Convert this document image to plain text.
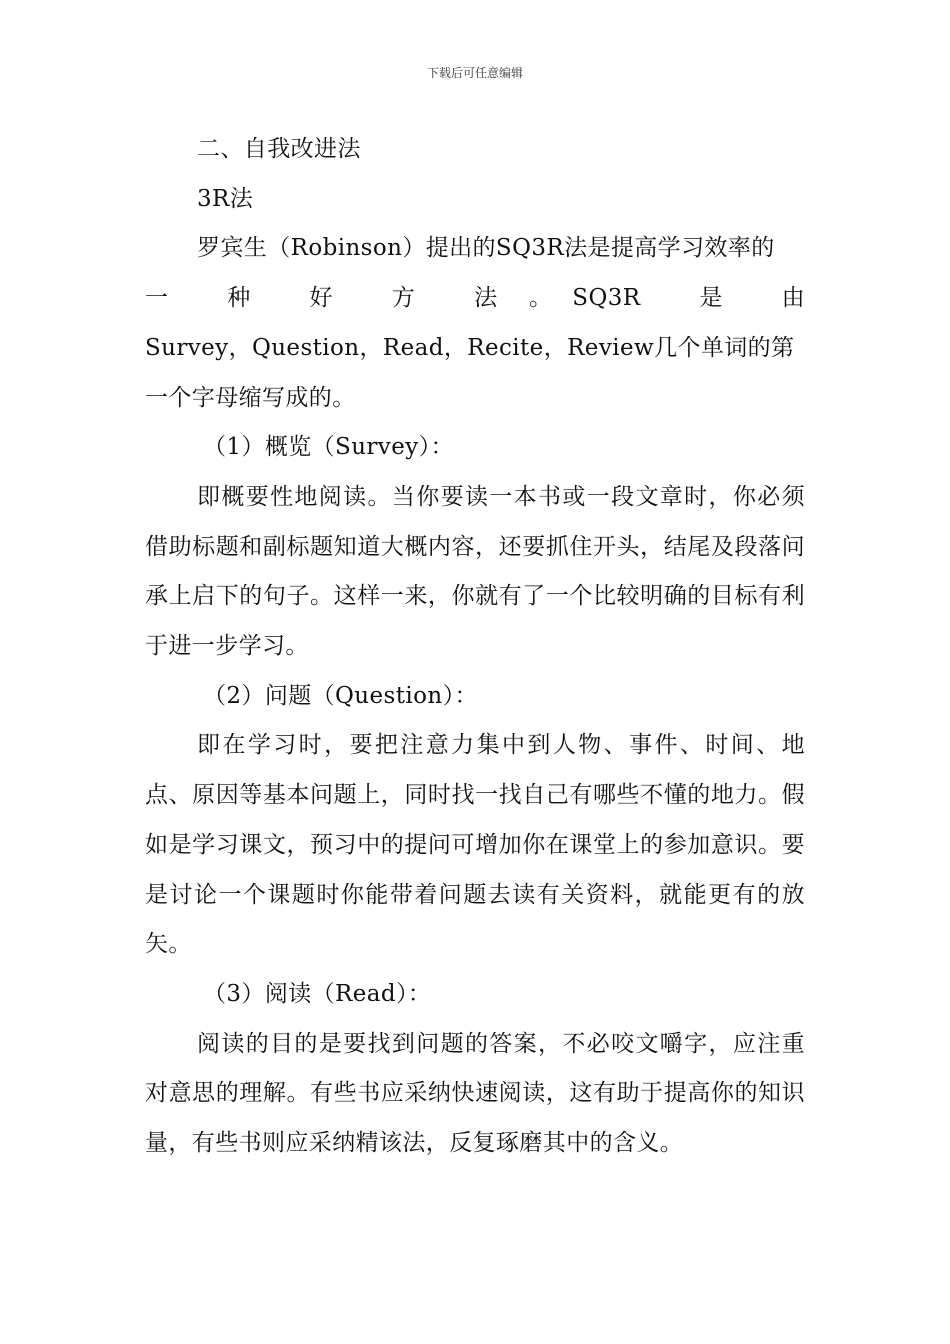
下载后可任意编辑

二、自我改进法

3R法

罗宾生（Robinson）提出的SQ3R法是提高学习效率的

一　　种　　好　　方　　法　。　SQ3R　　是　　由

Survey，Question，Read，Recite，Review几个单词的第

一个字母缩写成的。

（1）概览（Survey）：

即概要性地阅读。当你要读一本书或一段文章时，你必须借助标题和副标题知道大概内容，还要抓住开头，结尾及段落问承上启下的句子。这样一来，你就有了一个比较明确的目标有利于进一步学习。

（2）问题（Question）：

即在学习时，要把注意力集中到人物、事件、时间、地点、原因等基本问题上，同时找一找自己有哪些不懂的地力。假如是学习课文，预习中的提问可增加你在课堂上的参加意识。要是讨论一个课题时你能带着问题去读有关资料，就能更有的放矢。

（3）阅读（Read）：

阅读的目的是要找到问题的答案，不必咬文嚼字，应注重对意思的理解。有些书应采纳快速阅读，这有助于提高你的知识量，有些书则应采纳精该法，反复琢磨其中的含义。
